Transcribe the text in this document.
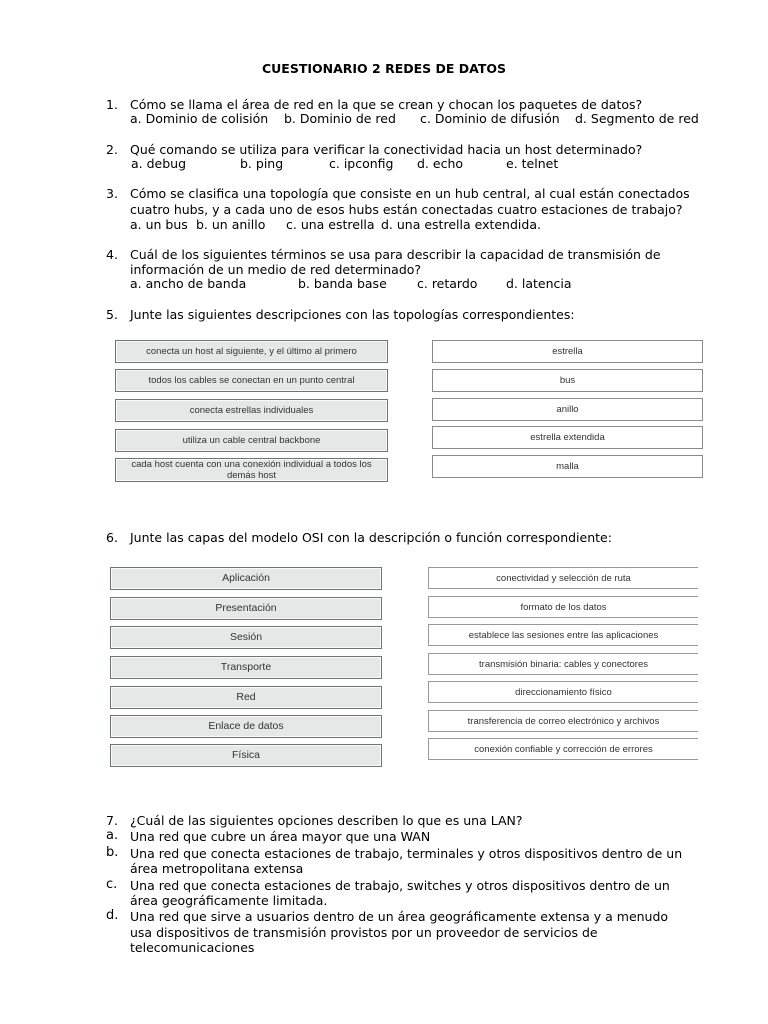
CUESTIONARIO 2 REDES DE DATOS
1. Cómo se llama el área de red en la que se crean y chocan los paquetes de datos?
a. Dominio de colisión b. Dominio de red c. Dominio de difusión d. Segmento de red
2. Qué comando se utiliza para verificar la conectividad hacia un host determinado?
a. debug	b. ping	c. ipconfig d. echo	e. telnet
3. Cómo se clasifica una topología que consiste en un hub central, al cual están conectados
cuatro hubs, y a cada uno de esos hubs están conectadas cuatro estaciones de trabajo?
a. un bus b. un anillo c. una estrella d. una estrella extendida.
4. Cuál de los siguientes términos se usa para describir la capacidad de transmisión de
información de un medio de red determinado?
a. ancho de banda	b. banda base c. retardo d. latencia
5. Junte las siguientes descripciones con las topologías correspondientes:
conecta un host al siguiente, y el último al primero
todos los cables se conectan en un punto central
conecta estrellas individuales
utiliza un cable central backbone
cada host cuenta con una conexión individual a todos los demás host
estrella
bus
anillo
estrella extendida
malla
6. Junte las capas del modelo OSI con la descripción o función correspondiente:
Aplicación
Presentación
Sesión
Transporte
Red
Enlace de datos
Física
conectividad y selección de ruta
formato de los datos
establece las sesiones entre las aplicaciones
transmisión binaria: cables y conectores
direccionamiento físico
transferencia de correo electrónico y archivos
conexión confiable y corrección de errores
7. ¿Cuál de las siguientes opciones describen lo que es una LAN?
a. Una red que cubre un área mayor que una WAN
b. Una red que conecta estaciones de trabajo, terminales y otros dispositivos dentro de un
área metropolitana extensa
c. Una red que conecta estaciones de trabajo, switches y otros dispositivos dentro de un
área geográficamente limitada.
d. Una red que sirve a usuarios dentro de un área geográficamente extensa y a menudo
usa dispositivos de transmisión provistos por un proveedor de servicios de
telecomunicaciones
